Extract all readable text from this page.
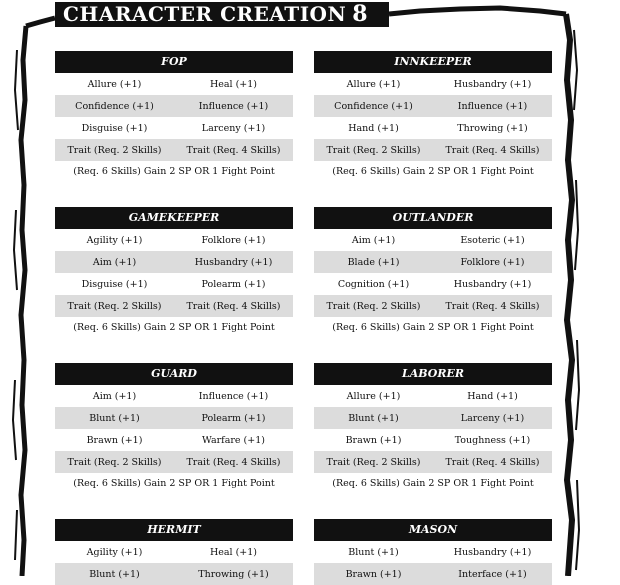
CHARACTER CREATION 8
FOP
Allure (+1)	Heal (+1)
Confidence (+1)	Influence (+1)
Disguise (+1)	Larceny (+1)
Trait (Req. 2 Skills)	Trait (Req. 4 Skills)
(Req. 6 Skills) Gain 2 SP OR 1 Fight Point
INNKEEPER
Allure (+1)	Husbandry (+1)
Confidence (+1)	Influence (+1)
Hand (+1)	Throwing (+1)
Trait (Req. 2 Skills)	Trait (Req. 4 Skills)
(Req. 6 Skills) Gain 2 SP OR 1 Fight Point
GAMEKEEPER
Agility (+1)	Folklore (+1)
Aim (+1)	Husbandry (+1)
Disguise (+1)	Polearm (+1)
Trait (Req. 2 Skills)	Trait (Req. 4 Skills)
(Req. 6 Skills) Gain 2 SP OR 1 Fight Point
OUTLANDER
Aim (+1)	Esoteric (+1)
Blade (+1)	Folklore (+1)
Cognition (+1)	Husbandry (+1)
Trait (Req. 2 Skills)	Trait (Req. 4 Skills)
(Req. 6 Skills) Gain 2 SP OR 1 Fight Point
GUARD
Aim (+1)	Influence (+1)
Blunt (+1)	Polearm (+1)
Brawn (+1)	Warfare (+1)
Trait (Req. 2 Skills)	Trait (Req. 4 Skills)
(Req. 6 Skills) Gain 2 SP OR 1 Fight Point
LABORER
Allure (+1)	Hand (+1)
Blunt (+1)	Larceny (+1)
Brawn (+1)	Toughness (+1)
Trait (Req. 2 Skills)	Trait (Req. 4 Skills)
(Req. 6 Skills) Gain 2 SP OR 1 Fight Point
HERMIT
Agility (+1)	Heal (+1)
Blunt (+1)	Throwing (+1)
MASON
Blunt (+1)	Husbandry (+1)
Brawn (+1)	Interface (+1)
